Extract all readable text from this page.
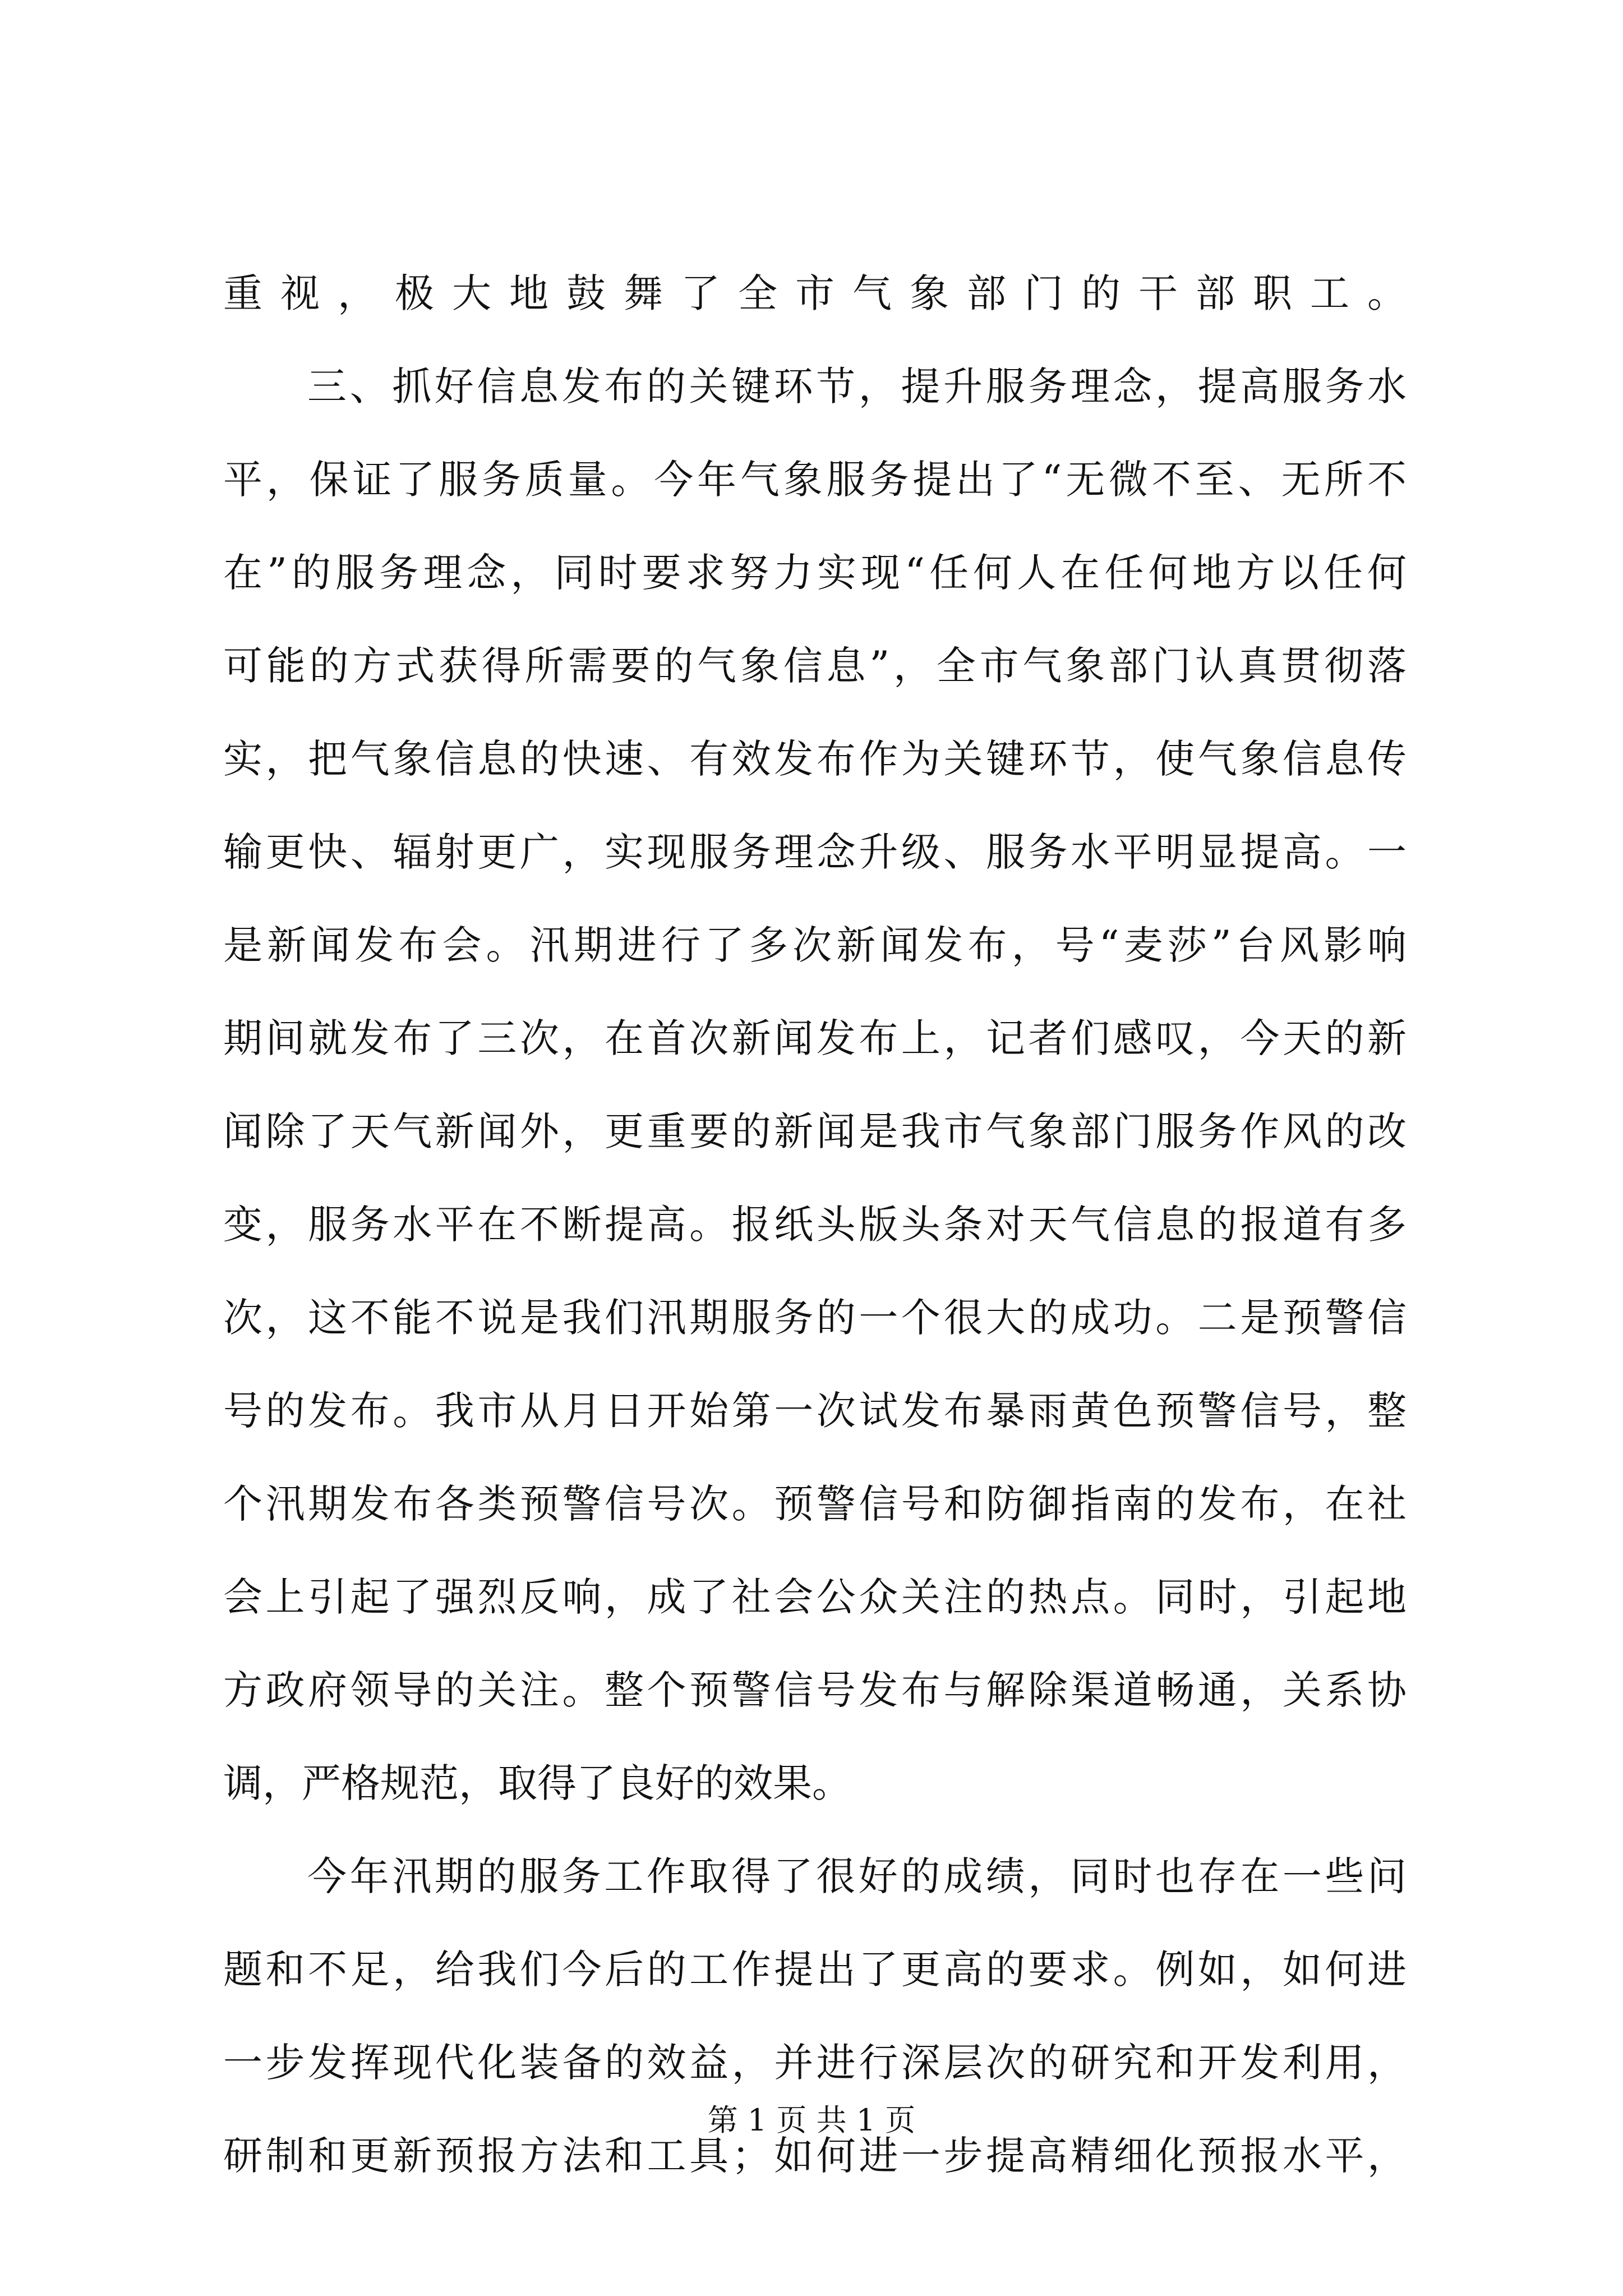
重视，极大地鼓舞了全市气象部门的干部职工。
三、抓好信息发布的关键环节，提升服务理念，提高服务水
平，保证了服务质量。今年气象服务提出了“无微不至、无所不
在”的服务理念，同时要求努力实现“任何人在任何地方以任何
可能的方式获得所需要的气象信息”，全市气象部门认真贯彻落
实，把气象信息的快速、有效发布作为关键环节，使气象信息传
输更快、辐射更广，实现服务理念升级、服务水平明显提高。一
是新闻发布会。汛期进行了多次新闻发布，号“麦莎”台风影响
期间就发布了三次，在首次新闻发布上，记者们感叹，今天的新
闻除了天气新闻外，更重要的新闻是我市气象部门服务作风的改
变，服务水平在不断提高。报纸头版头条对天气信息的报道有多
次，这不能不说是我们汛期服务的一个很大的成功。二是预警信
号的发布。我市从月日开始第一次试发布暴雨黄色预警信号，整
个汛期发布各类预警信号次。预警信号和防御指南的发布，在社
会上引起了强烈反响，成了社会公众关注的热点。同时，引起地
方政府领导的关注。整个预警信号发布与解除渠道畅通，关系协
调，严格规范，取得了良好的效果。
今年汛期的服务工作取得了很好的成绩，同时也存在一些问
题和不足，给我们今后的工作提出了更高的要求。例如，如何进
一步发挥现代化装备的效益，并进行深层次的研究和开发利用，
研制和更新预报方法和工具；如何进一步提高精细化预报水平，
第 1 页 共 1 页
